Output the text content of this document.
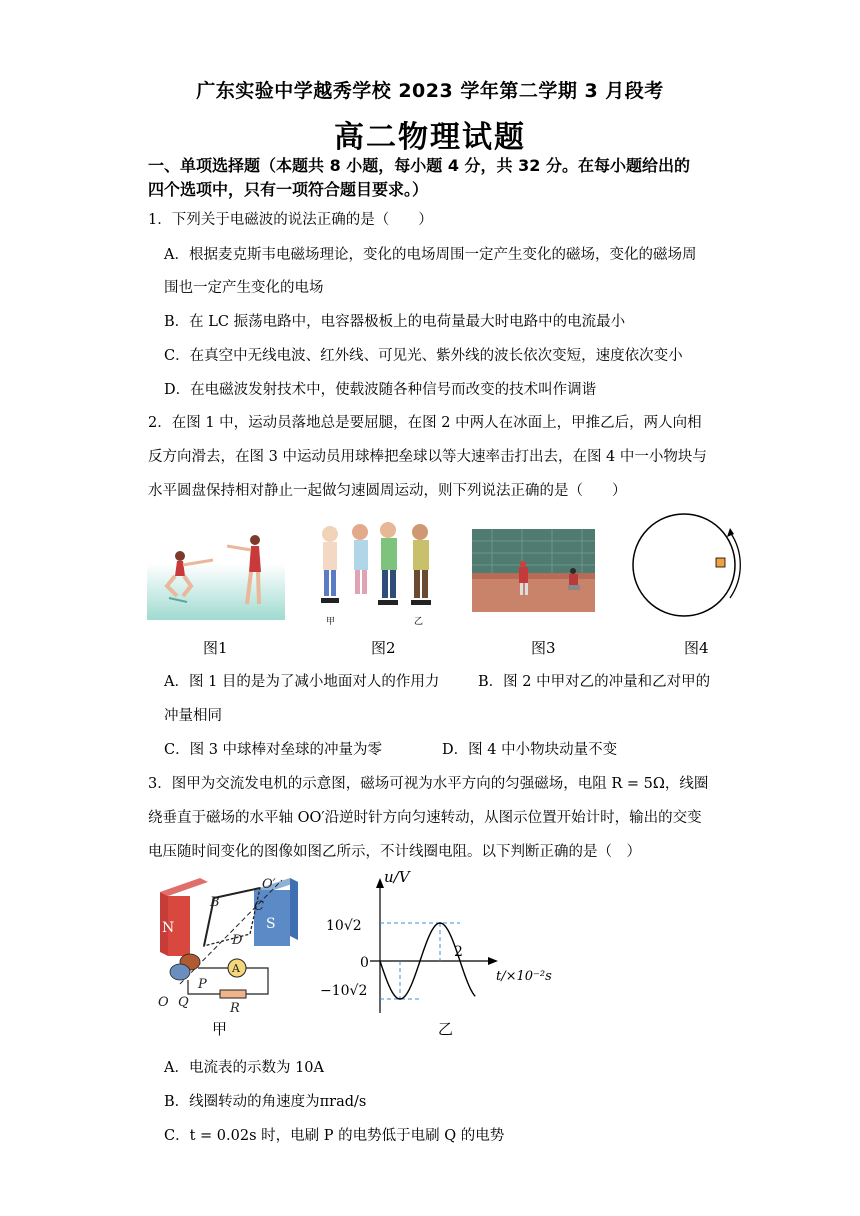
广东实验中学越秀学校 2023 学年第二学期 3 月段考
高二物理试题
一、单项选择题（本题共 8 小题，每小题 4 分，共 32 分。在每小题给出的
四个选项中，只有一项符合题目要求。）
1．下列关于电磁波的说法正确的是（　　）
A．根据麦克斯韦电磁场理论，变化的电场周围一定产生变化的磁场，变化的磁场周
围也一定产生变化的电场
B．在 LC 振荡电路中，电容器极板上的电荷量最大时电路中的电流最小
C．在真空中无线电波、红外线、可见光、紫外线的波长依次变短，速度依次变小
D．在电磁波发射技术中，使载波随各种信号而改变的技术叫作调谐
2．在图 1 中，运动员落地总是要屈腿，在图 2 中两人在冰面上，甲推乙后，两人向相
反方向滑去，在图 3 中运动员用球棒把垒球以等大速率击打出去，在图 4 中一小物块与
水平圆盘保持相对静止一起做匀速圆周运动，则下列说法正确的是（　　）
甲	乙
图1	图2	图3	图4
A．图 1 目的是为了减小地面对人的作用力	B．图 2 中甲对乙的冲量和乙对甲的
冲量相同
C．图 3 中球棒对垒球的冲量为零	D．图 4 中小物块动量不变
3．图甲为交流发电机的示意图，磁场可视为水平方向的匀强磁场，电阻 R = 5Ω，线圈
绕垂直于磁场的水平轴 OO′沿逆时针方向匀速转动，从图示位置开始计时，输出的交变
电压随时间变化的图像如图乙所示，不计线圈电阻。以下判断正确的是（　）
A
N	S
A
B	C
D
O′
O
P
Q	R
甲
u/V
10√2
0
−10√2
2
t/×10⁻²s
乙
A．电流表的示数为 10A
B．线圈转动的角速度为πrad/s
C．t = 0.02s 时，电刷 P 的电势低于电刷 Q 的电势
